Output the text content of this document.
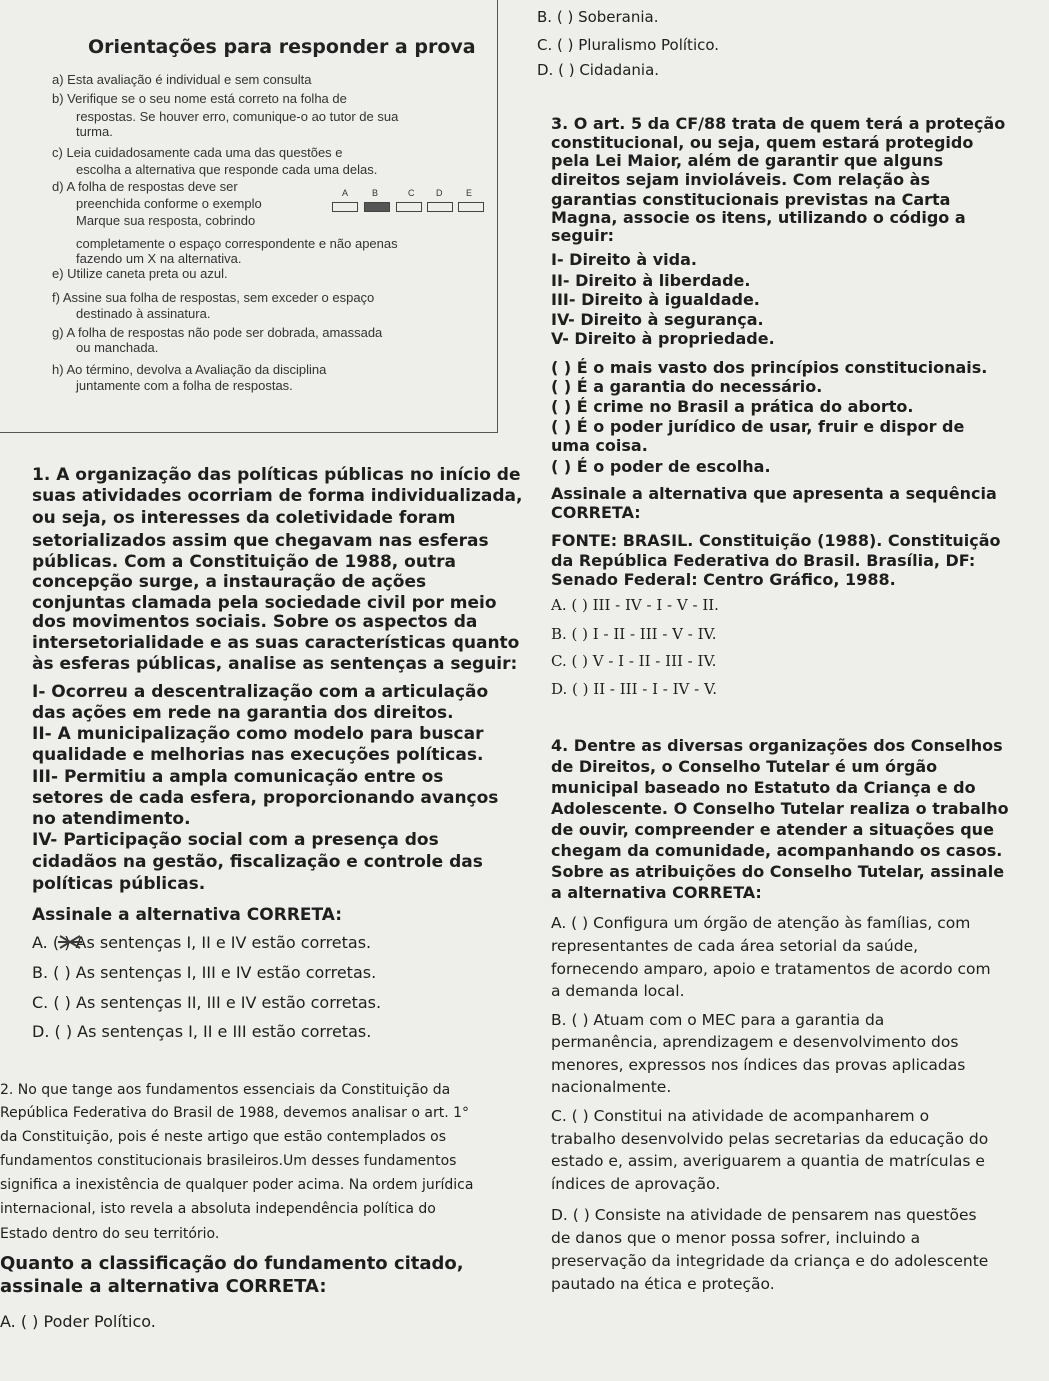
Orientações para responder a prova
a) Esta avaliação é individual e sem consulta
b) Verifique se o seu nome está correto na folha de
respostas. Se houver erro, comunique-o ao tutor de sua
turma.
c) Leia cuidadosamente cada uma das questões e
escolha a alternativa que responde cada uma delas.
d) A folha de respostas deve ser
preenchida conforme o exemplo
Marque sua resposta, cobrindo
completamente o espaço correspondente e não apenas
fazendo um X na alternativa.
e) Utilize caneta preta ou azul.
f) Assine sua folha de respostas, sem exceder o espaço
destinado à assinatura.
g) A folha de respostas não pode ser dobrada, amassada
ou manchada.
h) Ao término, devolva a Avaliação da disciplina
juntamente com a folha de respostas.
A	B	C D	E
1. A organização das políticas públicas no início de
suas atividades ocorriam de forma individualizada,
ou seja, os interesses da coletividade foram
setorializados assim que chegavam nas esferas
públicas. Com a Constituição de 1988, outra
concepção surge, a instauração de ações
conjuntas clamada pela sociedade civil por meio
dos movimentos sociais. Sobre os aspectos da
intersetorialidade e as suas características quanto
às esferas públicas, analise as sentenças a seguir:
I- Ocorreu a descentralização com a articulação
das ações em rede na garantia dos direitos.
II- A municipalização como modelo para buscar
qualidade e melhorias nas execuções políticas.
III- Permitiu a ampla comunicação entre os
setores de cada esfera, proporcionando avanços
no atendimento.
IV- Participação social com a presença dos
cidadãos na gestão, fiscalização e controle das
políticas públicas.
Assinale a alternativa CORRETA:
A. ( ) As sentenças I, II e IV estão corretas.
B. ( ) As sentenças I, III e IV estão corretas.
C. ( ) As sentenças II, III e IV estão corretas.
D. ( ) As sentenças I, II e III estão corretas.
2. No que tange aos fundamentos essenciais da Constituição da
República Federativa do Brasil de 1988, devemos analisar o art. 1°
da Constituição, pois é neste artigo que estão contemplados os
fundamentos constitucionais brasileiros.Um desses fundamentos
significa a inexistência de qualquer poder acima. Na ordem jurídica
internacional, isto revela a absoluta independência política do
Estado dentro do seu território.
Quanto a classificação do fundamento citado,
assinale a alternativa CORRETA:
A. ( ) Poder Político.
B. ( ) Soberania.
C. ( ) Pluralismo Político.
D. ( ) Cidadania.
3. O art. 5 da CF/88 trata de quem terá a proteção
constitucional, ou seja, quem estará protegido
pela Lei Maior, além de garantir que alguns
direitos sejam invioláveis. Com relação às
garantias constitucionais previstas na Carta
Magna, associe os itens, utilizando o código a
seguir:
I- Direito à vida.
II- Direito à liberdade.
III- Direito à igualdade.
IV- Direito à segurança.
V- Direito à propriedade.
( ) É o mais vasto dos princípios constitucionais.
( ) É a garantia do necessário.
( ) É crime no Brasil a prática do aborto.
( ) É o poder jurídico de usar, fruir e dispor de
uma coisa.
( ) É o poder de escolha.
Assinale a alternativa que apresenta a sequência
CORRETA:
FONTE: BRASIL. Constituição (1988). Constituição
da República Federativa do Brasil. Brasília, DF:
Senado Federal: Centro Gráfico, 1988.
A. ( ) III - IV - I - V - II.
B. ( ) I - II - III - V - IV.
C. ( ) V - I - II - III - IV.
D. ( ) II - III - I - IV - V.
4. Dentre as diversas organizações dos Conselhos
de Direitos, o Conselho Tutelar é um órgão
municipal baseado no Estatuto da Criança e do
Adolescente. O Conselho Tutelar realiza o trabalho
de ouvir, compreender e atender a situações que
chegam da comunidade, acompanhando os casos.
Sobre as atribuições do Conselho Tutelar, assinale
a alternativa CORRETA:
A. ( ) Configura um órgão de atenção às famílias, com
representantes de cada área setorial da saúde,
fornecendo amparo, apoio e tratamentos de acordo com
a demanda local.
B. ( ) Atuam com o MEC para a garantia da
permanência, aprendizagem e desenvolvimento dos
menores, expressos nos índices das provas aplicadas
nacionalmente.
C. ( ) Constitui na atividade de acompanharem o
trabalho desenvolvido pelas secretarias da educação do
estado e, assim, averiguarem a quantia de matrículas e
índices de aprovação.
D. ( ) Consiste na atividade de pensarem nas questões
de danos que o menor possa sofrer, incluindo a
preservação da integridade da criança e do adolescente
pautado na ética e proteção.
